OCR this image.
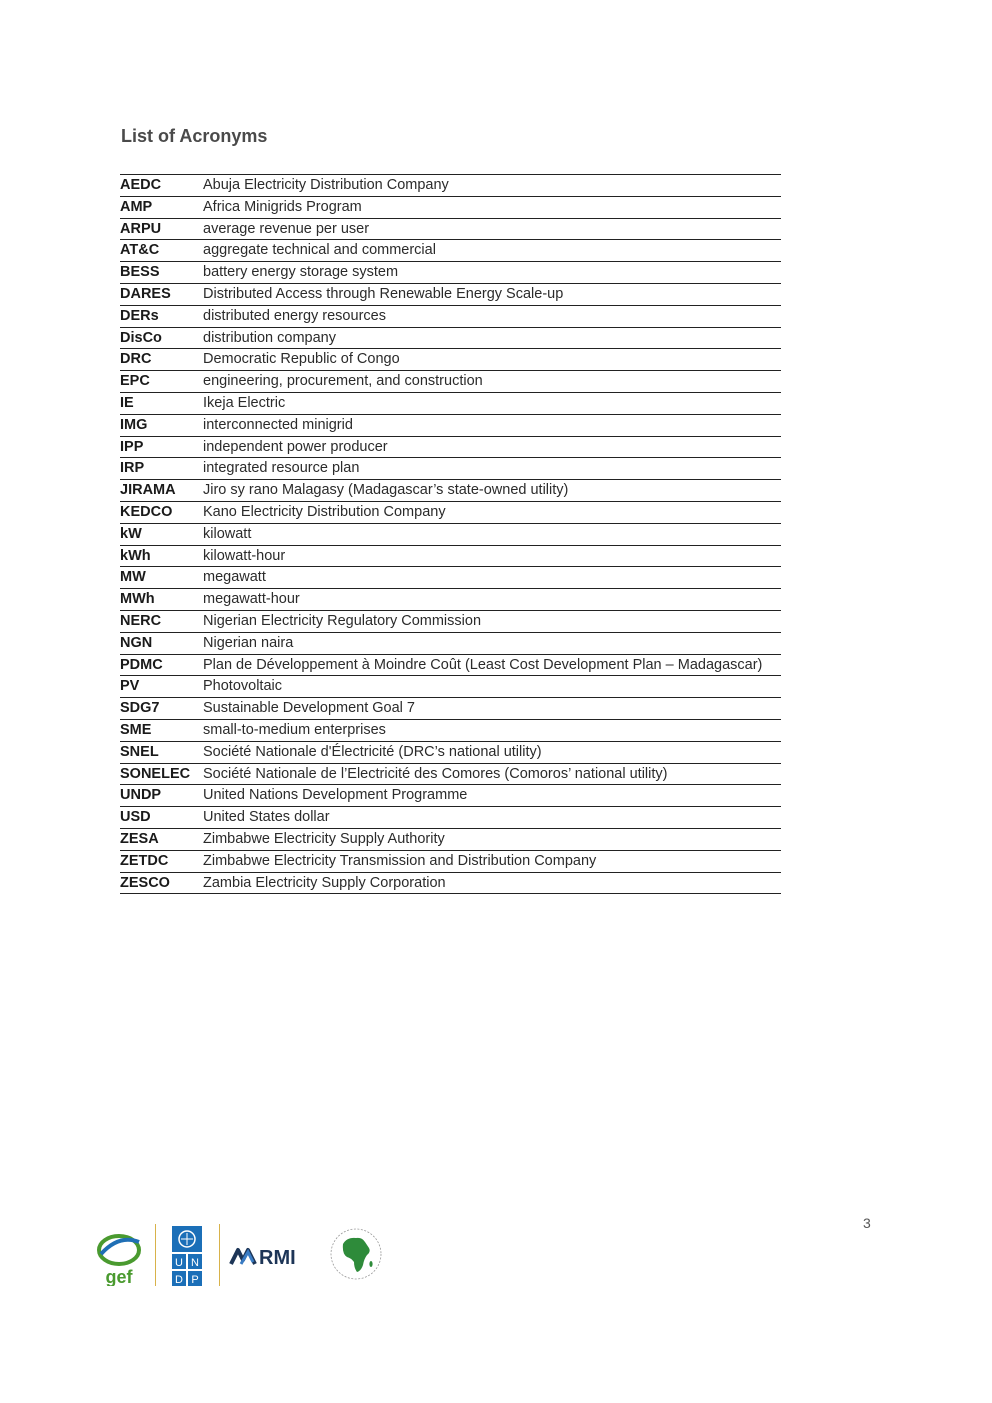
List of Acronyms
AEDC	Abuja Electricity Distribution Company
AMP	Africa Minigrids Program
ARPU	average revenue per user
AT&C	aggregate technical and commercial
BESS	battery energy storage system
DARES	Distributed Access through Renewable Energy Scale-up
DERs	distributed energy resources
DisCo	distribution company
DRC	Democratic Republic of Congo
EPC	engineering, procurement, and construction
IE	Ikeja Electric
IMG	interconnected minigrid
IPP	independent power producer
IRP	integrated resource plan
JIRAMA	Jiro sy rano Malagasy (Madagascar’s state-owned utility)
KEDCO	Kano Electricity Distribution Company
kW	kilowatt
kWh	kilowatt-hour
MW	megawatt
MWh	megawatt-hour
NERC	Nigerian Electricity Regulatory Commission
NGN	Nigerian naira
PDMC	Plan de Développement à Moindre Coût (Least Cost Development Plan – Madagascar)
PV	Photovoltaic
SDG7	Sustainable Development Goal 7
SME	small-to-medium enterprises
SNEL	Société Nationale d'Électricité (DRC’s national utility)
SONELEC	Société Nationale de l’Electricité des Comores (Comoros’ national utility)
UNDP	United Nations Development Programme
USD	United States dollar
ZESA	Zimbabwe Electricity Supply Authority
ZETDC	Zimbabwe Electricity Transmission and Distribution Company
ZESCO	Zambia Electricity Supply Corporation
3
gef
U N
D P
RMI
